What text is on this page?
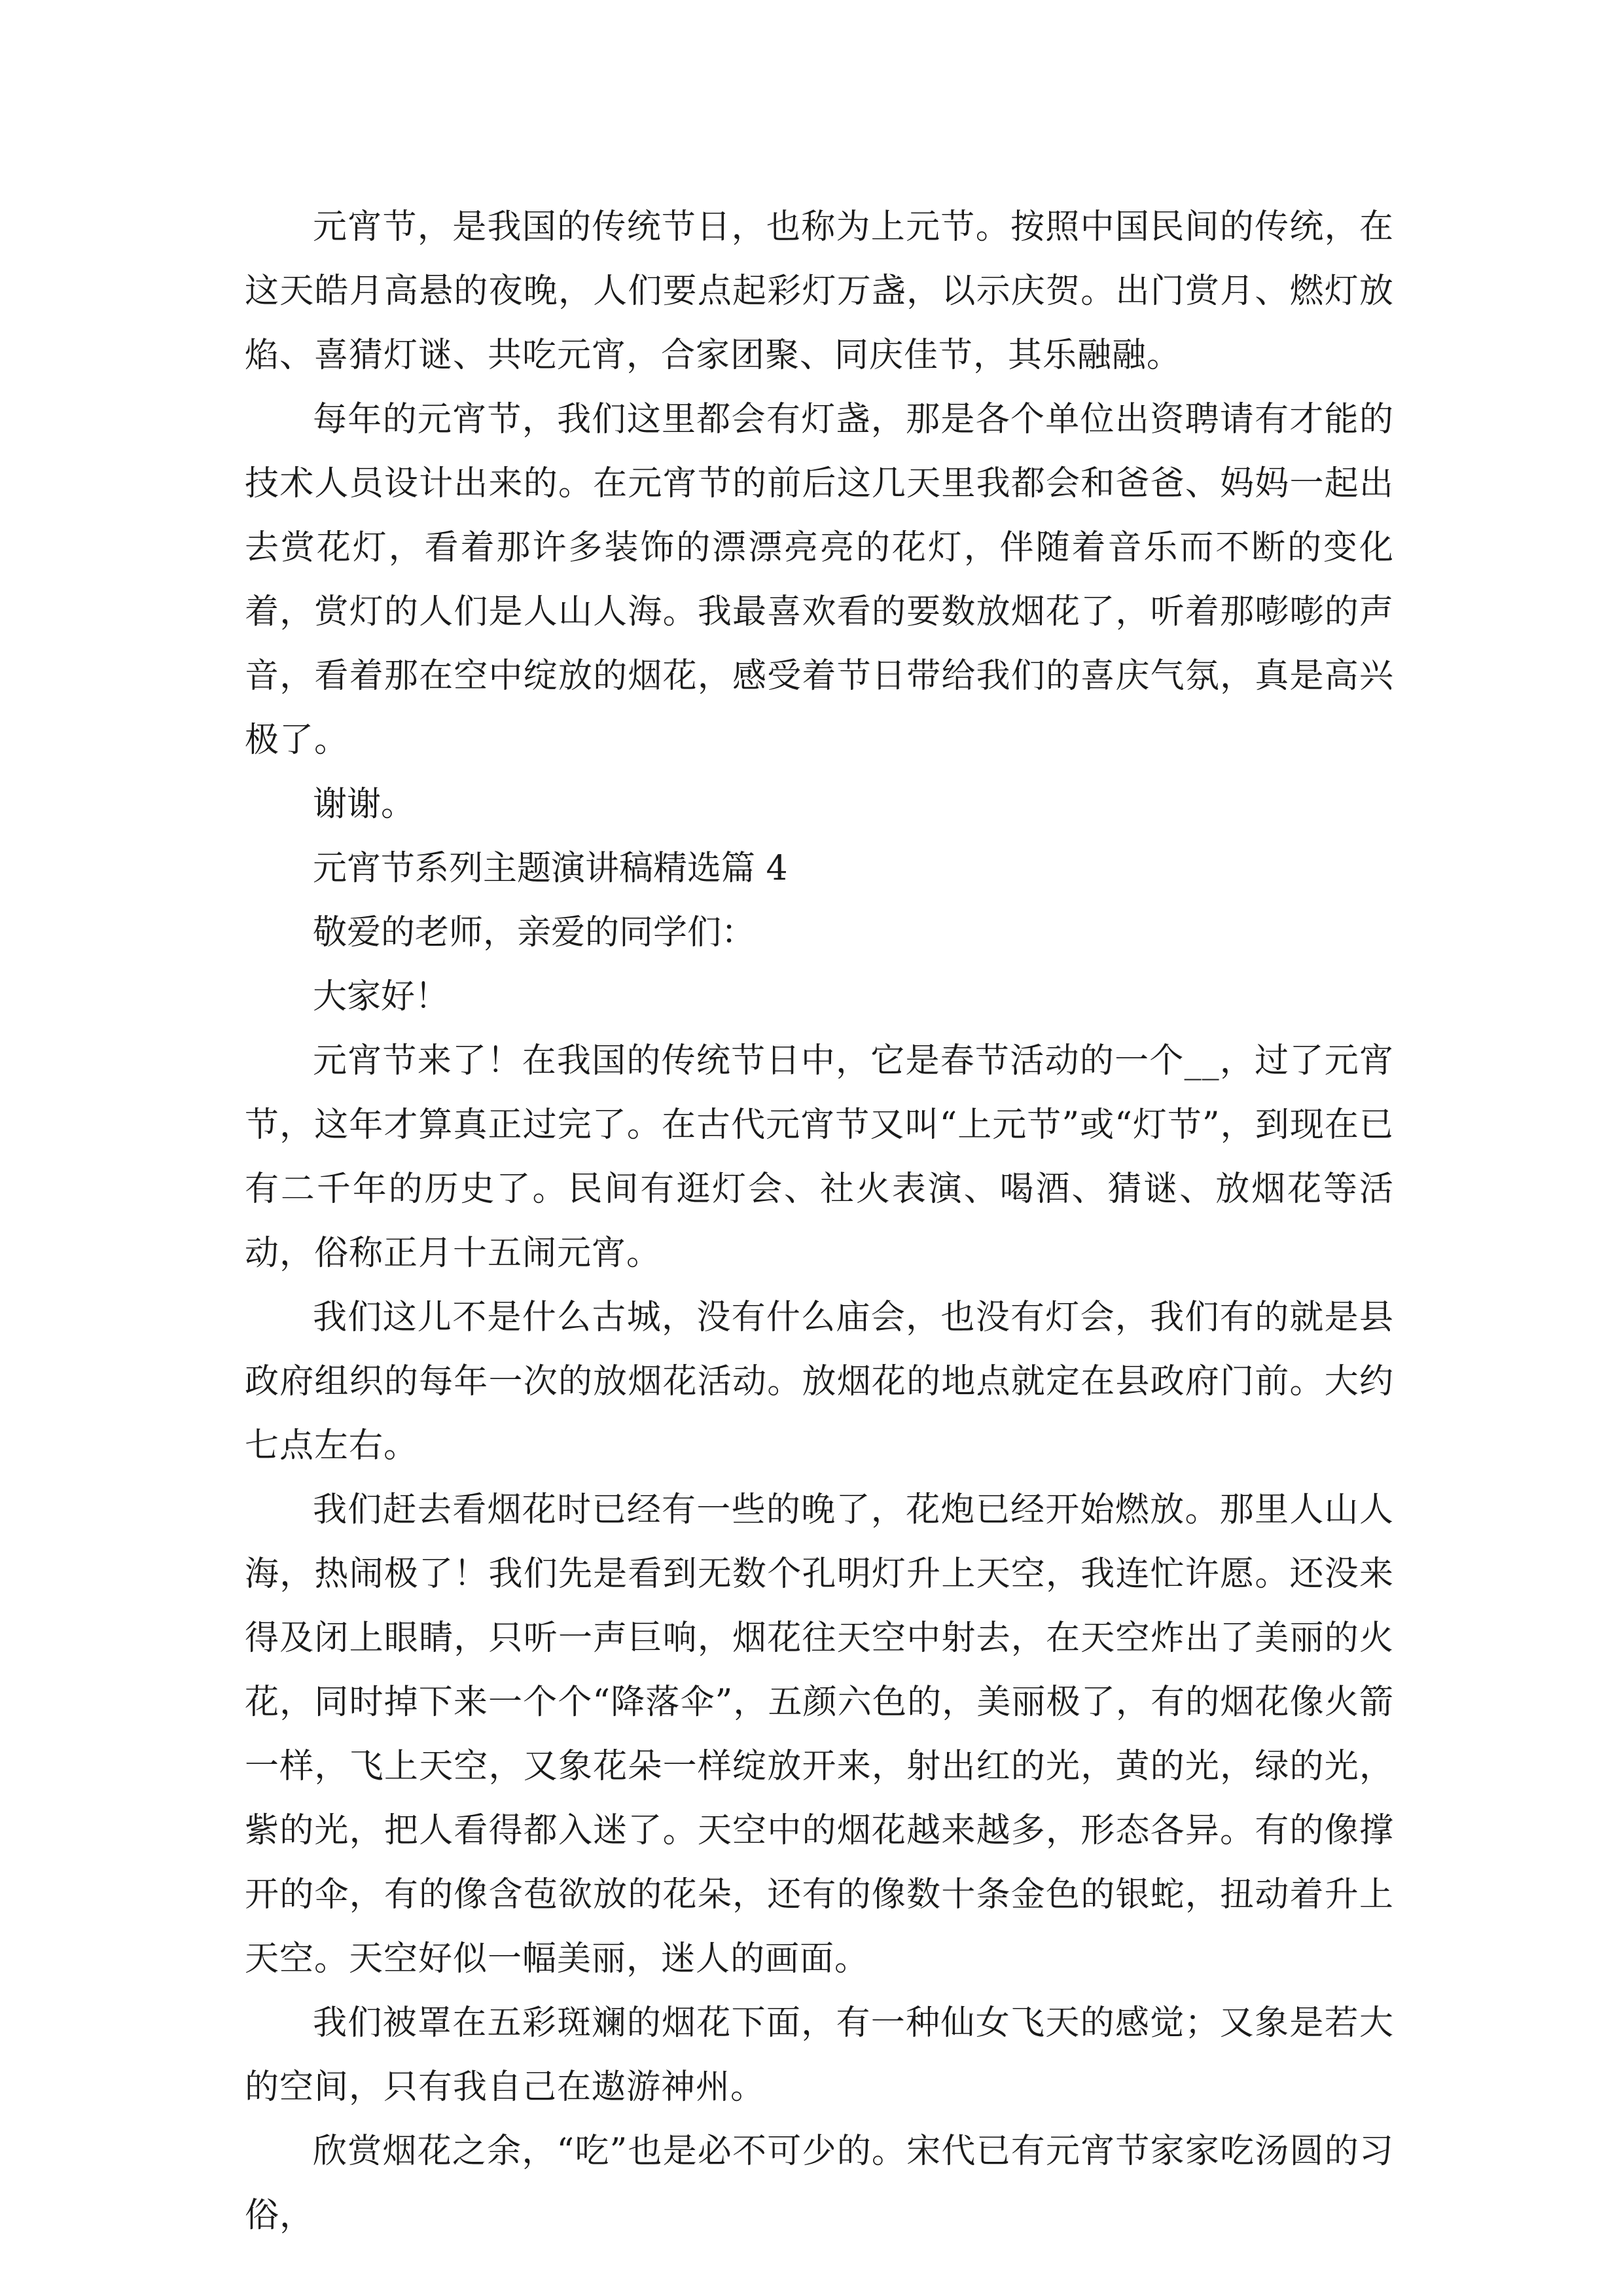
元宵节，是我国的传统节日，也称为上元节。按照中国民间的传统，在这天皓月高悬的夜晚，人们要点起彩灯万盏，以示庆贺。出门赏月、燃灯放焰、喜猜灯谜、共吃元宵，合家团聚、同庆佳节，其乐融融。

每年的元宵节，我们这里都会有灯盏，那是各个单位出资聘请有才能的技术人员设计出来的。在元宵节的前后这几天里我都会和爸爸、妈妈一起出去赏花灯，看着那许多装饰的漂漂亮亮的花灯，伴随着音乐而不断的变化着，赏灯的人们是人山人海。我最喜欢看的要数放烟花了，听着那嘭嘭的声音，看着那在空中绽放的烟花，感受着节日带给我们的喜庆气氛，真是高兴极了。

谢谢。

元宵节系列主题演讲稿精选篇 4

敬爱的老师，亲爱的同学们：

大家好！

元宵节来了！在我国的传统节日中，它是春节活动的一个__，过了元宵节，这年才算真正过完了。在古代元宵节又叫“上元节”或“灯节”，到现在已有二千年的历史了。民间有逛灯会、社火表演、喝酒、猜谜、放烟花等活动，俗称正月十五闹元宵。

我们这儿不是什么古城，没有什么庙会，也没有灯会，我们有的就是县政府组织的每年一次的放烟花活动。放烟花的地点就定在县政府门前。大约七点左右。

我们赶去看烟花时已经有一些的晚了，花炮已经开始燃放。那里人山人海，热闹极了！我们先是看到无数个孔明灯升上天空，我连忙许愿。还没来得及闭上眼睛，只听一声巨响，烟花往天空中射去，在天空炸出了美丽的火花，同时掉下来一个个“降落伞”，五颜六色的，美丽极了，有的烟花像火箭一样，飞上天空，又象花朵一样绽放开来，射出红的光，黄的光，绿的光，紫的光，把人看得都入迷了。天空中的烟花越来越多，形态各异。有的像撑开的伞，有的像含苞欲放的花朵，还有的像数十条金色的银蛇，扭动着升上天空。天空好似一幅美丽，迷人的画面。

我们被罩在五彩斑斓的烟花下面，有一种仙女飞天的感觉；又象是若大的空间，只有我自己在遨游神州。

欣赏烟花之余，“吃”也是必不可少的。宋代已有元宵节家家吃汤圆的习俗，
